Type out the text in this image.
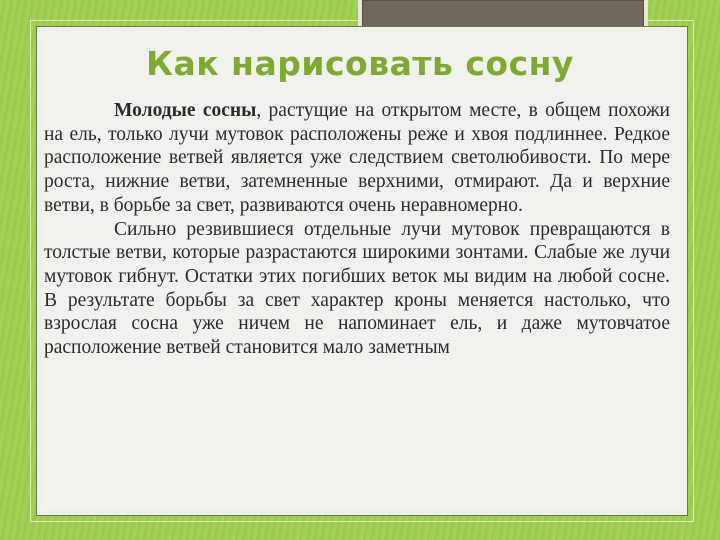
Как нарисовать сосну

Молодые сосны, растущие на открытом месте, в общем похожи на ель, только лучи мутовок расположены реже и хвоя подлиннее. Редкое расположение ветвей является уже следствием светолюбивости. По мере роста, нижние ветви, затемненные верхними, отмирают. Да и верхние ветви, в борьбе за свет, развиваются очень неравномерно.

Сильно резвившиеся отдельные лучи мутовок превращаются в толстые ветви, которые разрастаются широкими зонтами. Слабые же лучи мутовок гибнут. Остатки этих погибших веток мы видим на любой сосне. В результате борьбы за свет характер кроны меняется настолько, что взрослая сосна уже ничем не напоминает ель, и даже мутовчатое расположение ветвей становится мало заметным
